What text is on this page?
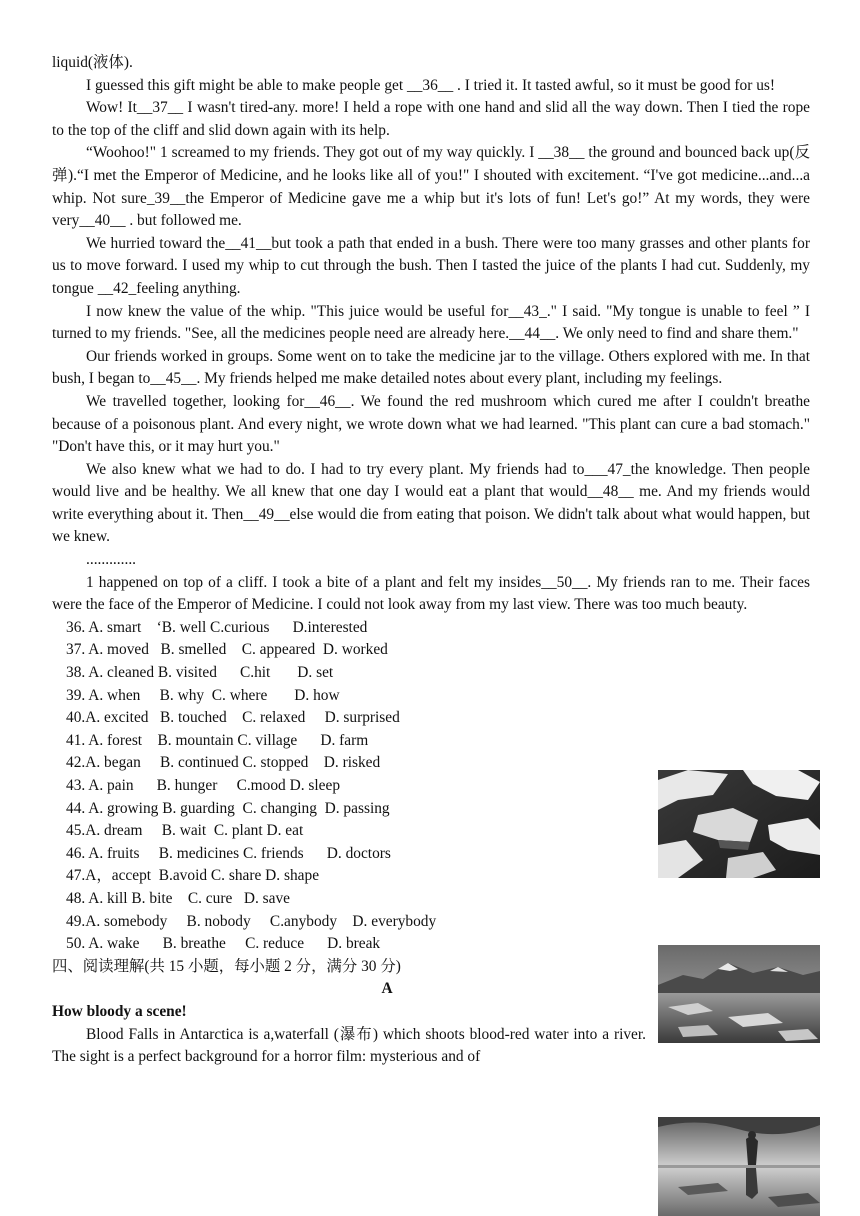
liquid(液体).

I guessed this gift might be able to make people get __36__ . I tried it. It tasted awful, so it must be good for us!

Wow! It__37__ I wasn't tired-any. more! I held a rope with one hand and slid all the way down. Then I tied the rope to the top of the cliff and slid down again with its help.

“Woohoo!" 1 screamed to my friends. They got out of my way quickly. I __38__ the ground and bounced back up(反弹).“I met the Emperor of Medicine, and he looks like all of you!" I shouted with excitement. “I've got medicine...and...a whip. Not sure_39__the Emperor of Medicine gave me a whip but it's lots of fun! Let's go!” At my words, they were very__40__ . but followed me.

We hurried toward the__41__but took a path that ended in a bush. There were too many grasses and other plants for us to move forward. I used my whip to cut through the bush. Then I tasted the juice of the plants I had cut. Suddenly, my tongue __42_feeling anything.

I now knew the value of the whip. "This juice would be useful for__43_." I said. "My tongue is unable to feel ” I turned to my friends. "See, all the medicines people need are already here.__44__. We only need to find and share them."

Our friends worked in groups. Some went on to take the medicine jar to the village. Others explored with me. In that bush, I began to__45__. My friends helped me make detailed notes about every plant, including my feelings.

We travelled together, looking for__46__. We found the red mushroom which cured me after I couldn't breathe because of a poisonous plant. And every night, we wrote down what we had learned. "This plant can cure a bad stomach." "Don't have this, or it may hurt you."

We also knew what we had to do. I had to try every plant. My friends had to___47_the knowledge. Then people would live and be healthy. We all knew that one day I would eat a plant that would__48__ me. And my friends would write everything about it. Then__49__else would die from eating that poison. We didn't talk about what would happen, but we knew.

.............

1 happened on top of a cliff. I took a bite of a plant and felt my insides__50__. My friends ran to me. Their faces were the face of the Emperor of Medicine. I could not look away from my last view. There was too much beauty.

36. A. smart    ‘B. well C.curious      D.interested
37. A. moved   B. smelled    C. appeared  D. worked
38. A. cleaned B. visited      C.hit       D. set
39. A. when     B. why  C. where       D. how
40.A. excited   B. touched    C. relaxed     D. surprised
41. A. forest    B. mountain C. village      D. farm
42.A. began     B. continued C. stopped    D. risked
43. A. pain      B. hunger     C.mood D. sleep
44. A. growing B. guarding  C. changing  D. passing
45.A. dream     B. wait  C. plant D. eat
46. A. fruits     B. medicines C. friends      D. doctors
47.A，accept  B.avoid C. share D. shape
48. A. kill B. bite    C. cure   D. save
49.A. somebody     B. nobody     C.anybody    D. everybody
50. A. wake      B. breathe     C. reduce      D. break
四、阅读理解(共 15 小题，每小题 2 分，满分 30 分)
A
How bloody a scene!

Blood Falls in Antarctica is a,waterfall (瀑布) which shoots blood-red water into a river. The sight is a perfect background for a horror film: mysterious and of
